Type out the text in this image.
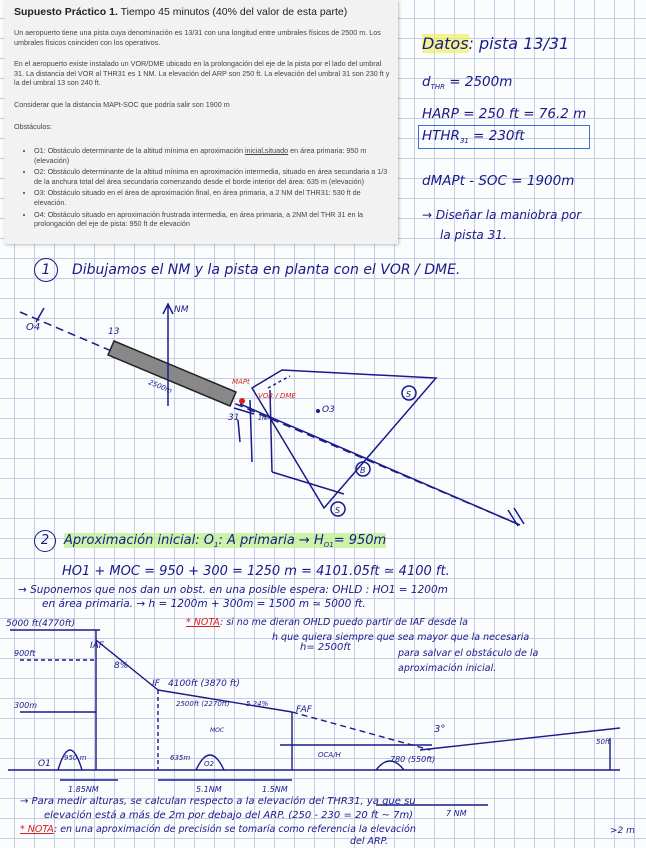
Supuesto Práctico 1. Tiempo 45 minutos (40% del valor de esta parte)
Un aeropuerto tiene una pista cuya denominación es 13/31 con una longitud entre umbrales físicos de 2500 m. Los umbrales físicos coinciden con los operativos.
En el aeropuerto existe instalado un VOR/DME ubicado en la prolongación del eje de la pista por el lado del umbral 31. La distancia del VOR al THR31 es 1 NM. La elevación del ARP son 250 ft. La elevación del umbral 31 son 230 ft y la del umbral 13 son 240 ft.
Considerar que la distancia MAPt-SOC que podría salir son 1900 m
Obstáculos:
• O1: Obstáculo determinante de la altitud mínima en aproximación inicial,situado en área primaria: 950 m (elevación)
• O2: Obstáculo determinante de la altitud mínima en aproximación intermedia, situado en área secundaria a 1/3 de la anchura total del área secundaria comenzando desde el borde interior del área: 635 m (elevación)
• O3: Obstáculo situado en el área de aproximación final, en área primaria, a 2 NM del THR31: 530 ft de elevación.
• O4: Obstáculo situado en aproximación frustrada intermedia, en área primaria, a 2NM del THR 31 en la prolongación del eje de pista: 950 ft de elevación
Datos: pista 13/31
$d_{THR} = 2500m$
HARP = 250 ft = 76.2 m
$HTHR_{31} = 230ft$
dMAPt - SOC = 1900m
→ Diseñar la maniobra por
la pista 31.
1 Dibujamos el NM y la pista en planta con el VOR / DME.
NM
O4	13
31
2500m
1NM
O3
S
B
S
MAPt
VOR / DME
2 Aproximación inicial: $O_1$: A primaria → $H_{O1}= 950m$
HO1 + MOC = 950 + 300 = 1250 m = 4101.05ft ≃ 4100 ft.
→ Suponemos que nos dan un obst. en una posible espera: OHLD : HO1 = 1200m
en área primaria. → h = 1200m + 300m = 1500 m ≃ 5000 ft.
* NOTA: si no me dieran OHLD puedo partir de IAF desde la
h que quiera siempre que sea mayor que la necesaria
para salvar el obstáculo de la
aproximación inicial.
5000 ft(4770ft)
IAF
8%
900ft
300m
IF 4100ft (3870 ft)
2500ft (2270ft) 5.24%
h= 2500ft
FAF
MOC
635m
950 m
O1	O2
1.85NM	5.1NM	1.5NM
OCA/H	780 (550ft)
3°
50ft
7 NM
→ Para medir alturas, se calculan respecto a la elevación del THR31, ya que su
elevación está a más de 2m por debajo del ARP. (250 - 230 = 20 ft ~ 7m)
* NOTA: en una aproximación de precisión se tomaría como referencia la elevación
del ARP.
>2 m
